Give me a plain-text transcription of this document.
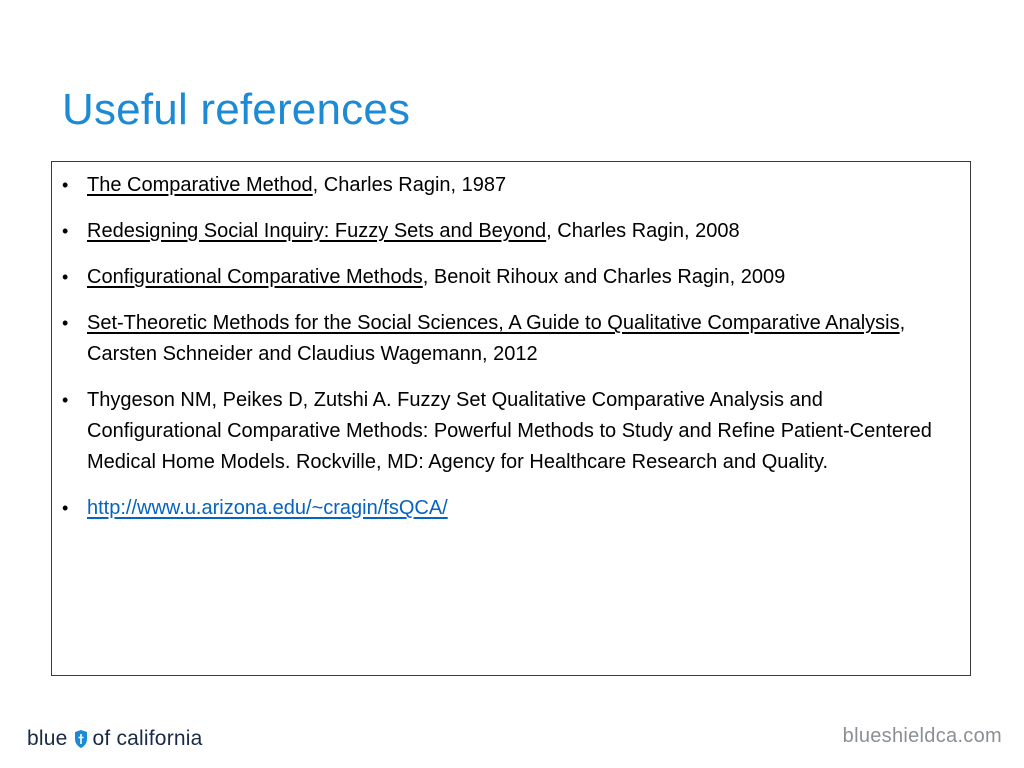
Useful references
• The Comparative Method, Charles Ragin, 1987
• Redesigning Social Inquiry: Fuzzy Sets and Beyond, Charles Ragin, 2008
• Configurational Comparative Methods, Benoit Rihoux and Charles Ragin, 2009
• Set-Theoretic Methods for the Social Sciences, A Guide to Qualitative Comparative Analysis, Carsten Schneider and Claudius Wagemann, 2012
• Thygeson NM, Peikes D, Zutshi A. Fuzzy Set Qualitative Comparative Analysis and Configurational Comparative Methods: Powerful Methods to Study and Refine Patient-Centered Medical Home Models. Rockville, MD: Agency for Healthcare Research and Quality.
• http://www.u.arizona.edu/~cragin/fsQCA/
blue of california	blueshieldca.com
